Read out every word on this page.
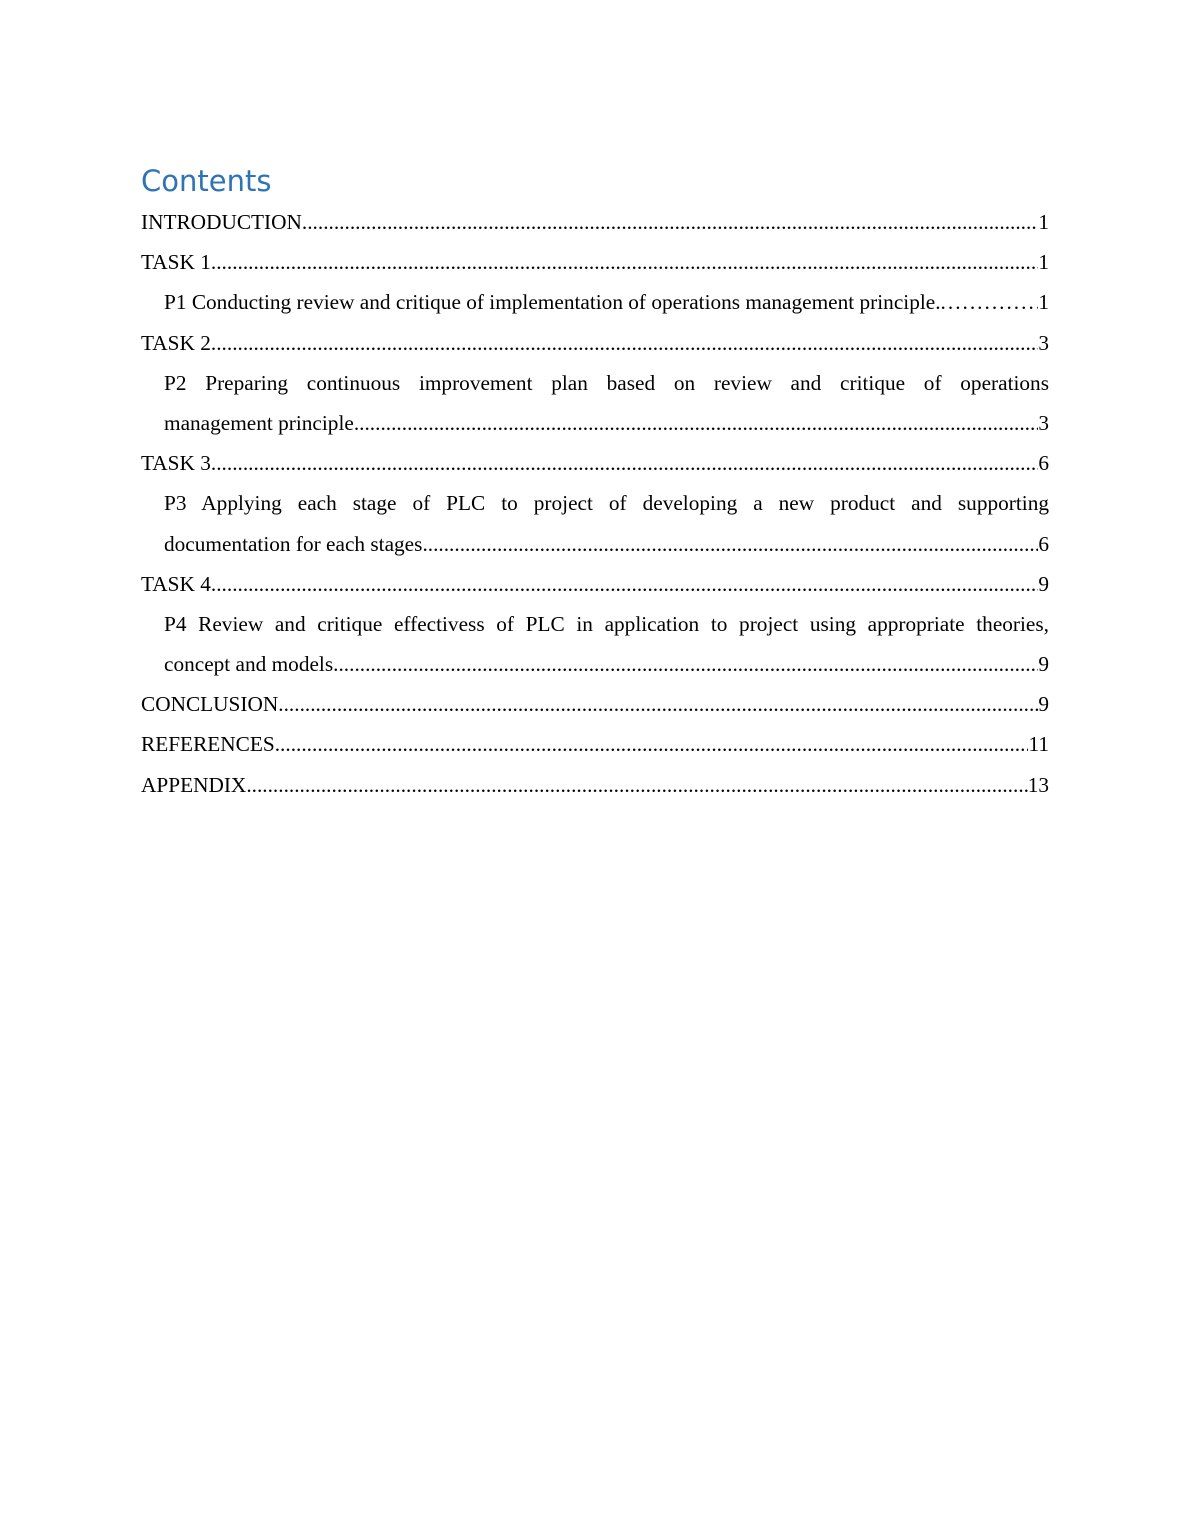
Contents
INTRODUCTION .....	1
TASK 1 .....	1
P1 Conducting review and critique of implementation of operations management principle. .....	1
TASK 2 .....	3
P2 Preparing continuous improvement plan based on review and critique of operations
management principle .....	3
TASK 3 .....	6
P3 Applying each stage of PLC to project of developing a new product and supporting
documentation for each stages .....	6
TASK 4 .....	9
P4 Review and critique effectivess of PLC in application to project using appropriate theories,
concept and models .....	9
CONCLUSION .....	9
REFERENCES .....	11
APPENDIX .....	13
